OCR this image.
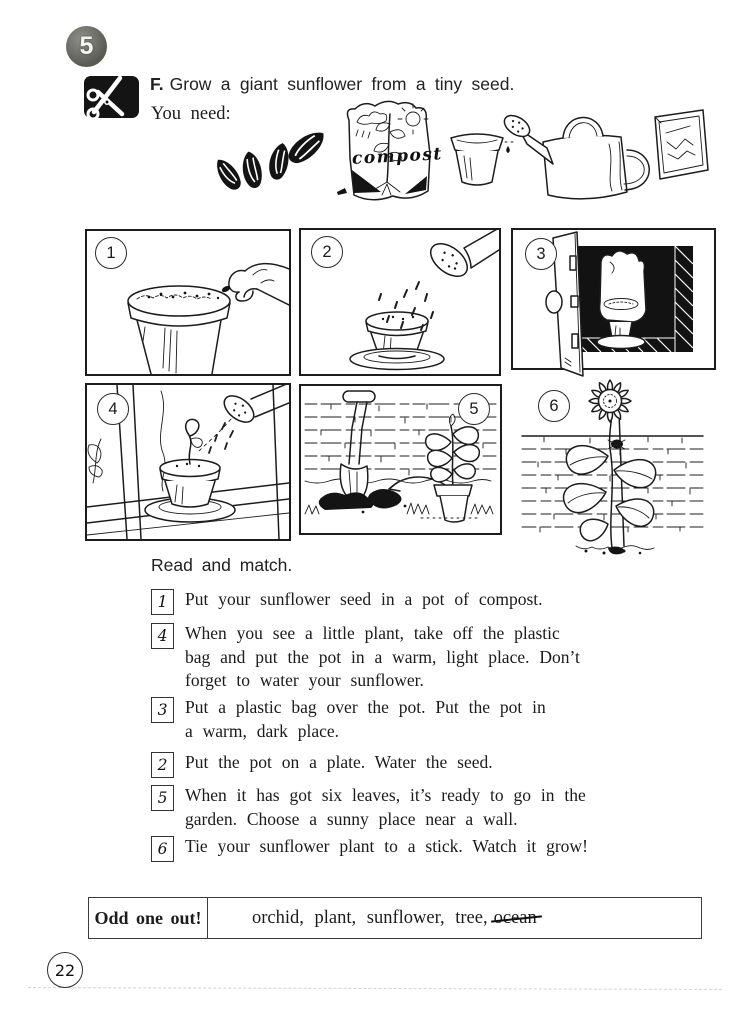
5
F. Grow a giant sunflower from a tiny seed.
You need:
compost
1	2	3
4	5	6
Read and match.
1	Put your sunflower seed in a pot of compost.
4	When you see a little plant, take off the plastic
bag and put the pot in a warm, light place. Don’t
forget to water your sunflower.
3	Put a plastic bag over the pot. Put the pot in
a warm, dark place.
2	Put the pot on a plate. Water the seed.
5	When it has got six leaves, it’s ready to go in the
garden. Choose a sunny place near a wall.
6	Tie your sunflower plant to a stick. Watch it grow!
Odd one out!	orchid, plant, sunflower, tree, ocean
22
